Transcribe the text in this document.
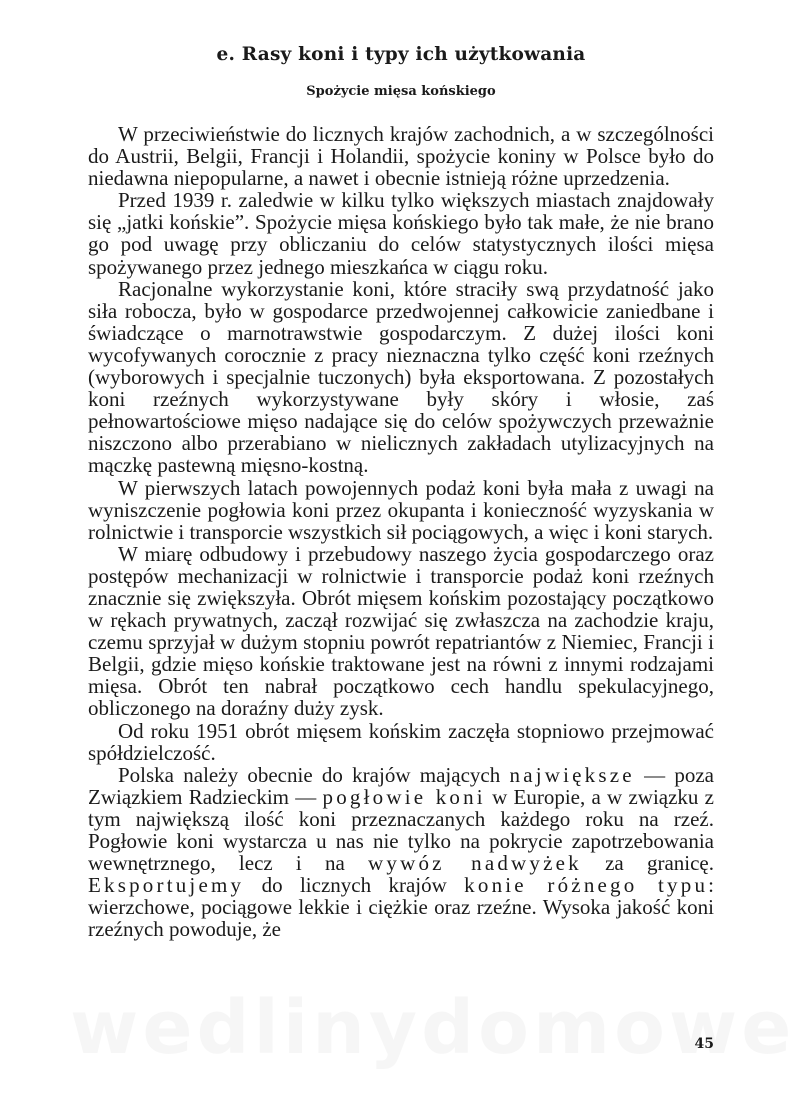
e. Rasy koni i typy ich użytkowania
Spożycie mięsa końskiego

W przeciwieństwie do licznych krajów zachodnich, a w szczególności do Austrii, Belgii, Francji i Holandii, spożycie koniny w Polsce było do niedawna niepopularne, a nawet i obecnie istnieją różne uprzedzenia.

Przed 1939 r. zaledwie w kilku tylko większych miastach znajdowały się „jatki końskie”. Spożycie mięsa końskiego było tak małe, że nie brano go pod uwagę przy obliczaniu do celów statystycznych ilości mięsa spożywanego przez jednego mieszkańca w ciągu roku.

Racjonalne wykorzystanie koni, które straciły swą przydatność jako siła robocza, było w gospodarce przedwojennej całkowicie zaniedbane i świadczące o marnotrawstwie gospodarczym. Z dużej ilości koni wycofywanych corocznie z pracy nieznaczna tylko część koni rzeźnych (wyborowych i specjalnie tuczonych) była eksportowana. Z pozostałych koni rzeźnych wykorzystywane były skóry i włosie, zaś pełnowartościowe mięso nadające się do celów spożywczych przeważnie niszczono albo przerabiano w nielicznych zakładach utylizacyjnych na mączkę pastewną mięsno-kostną.

W pierwszych latach powojennych podaż koni była mała z uwagi na wyniszczenie pogłowia koni przez okupanta i konieczność wyzyskania w rolnictwie i transporcie wszystkich sił pociągowych, a więc i koni starych.

W miarę odbudowy i przebudowy naszego życia gospodarczego oraz postępów mechanizacji w rolnictwie i transporcie podaż koni rzeźnych znacznie się zwiększyła. Obrót mięsem końskim pozostający początkowo w rękach prywatnych, zaczął rozwijać się zwłaszcza na zachodzie kraju, czemu sprzyjał w dużym stopniu powrót repatriantów z Niemiec, Francji i Belgii, gdzie mięso końskie traktowane jest na równi z innymi rodzajami mięsa. Obrót ten nabrał początkowo cech handlu spekulacyjnego, obliczonego na doraźny duży zysk.

Od roku 1951 obrót mięsem końskim zaczęła stopniowo przejmować spółdzielczość.

Polska należy obecnie do krajów mających największe — poza Związkiem Radzieckim — pogłowie koni w Europie, a w związku z tym największą ilość koni przeznaczanych każdego roku na rzeź. Pogłowie koni wystarcza u nas nie tylko na pokrycie zapotrzebowania wewnętrznego, lecz i na wywóz nadwyżek za granicę. Eksportujemy do licznych krajów konie różnego typu: wierzchowe, pociągowe lekkie i ciężkie oraz rzeźne. Wysoka jakość koni rzeźnych powoduje, że

45
